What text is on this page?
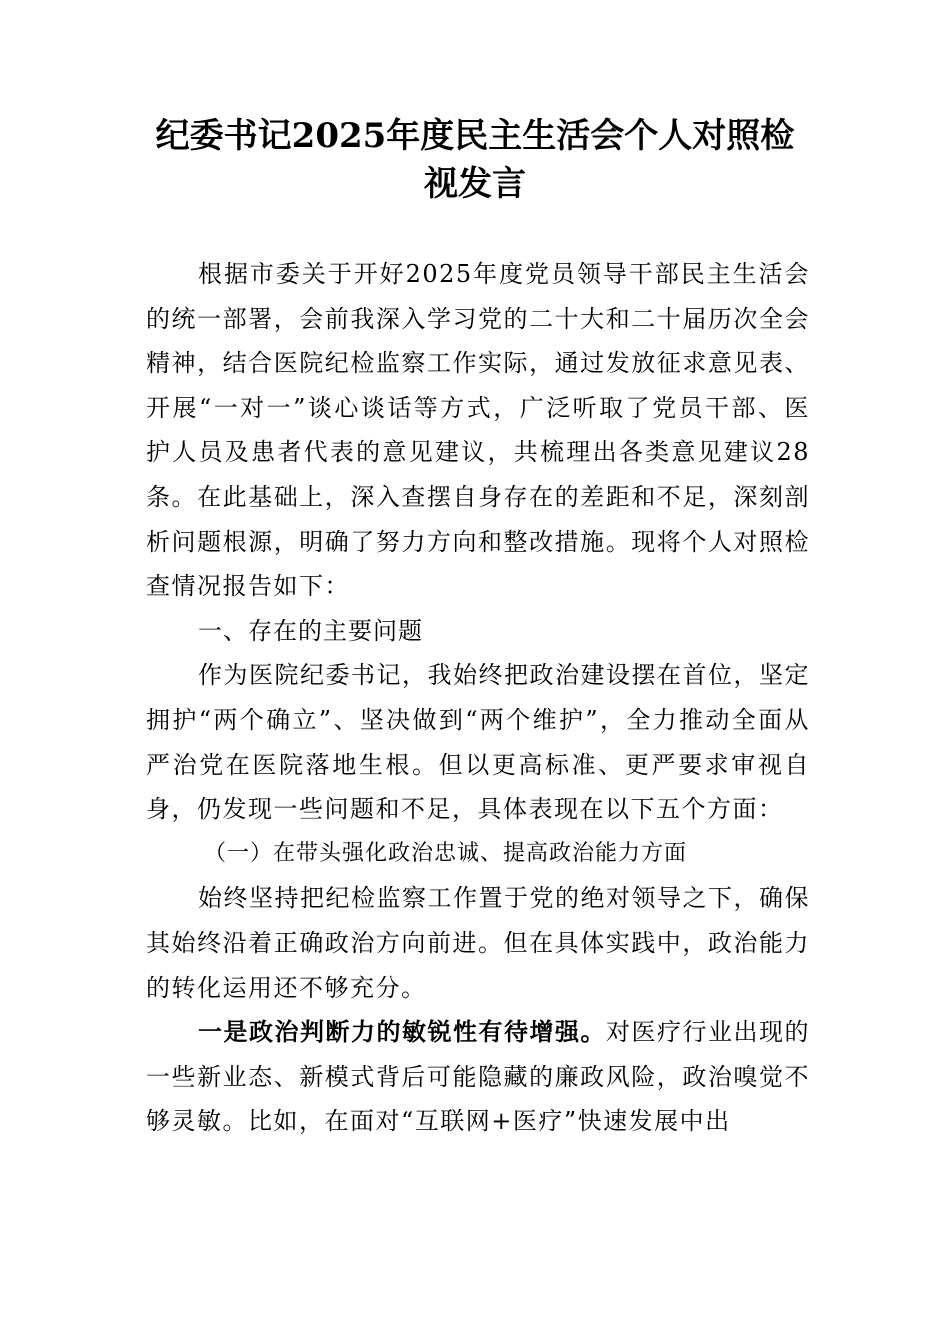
纪委书记2025年度民主生活会个人对照检
视发言

根据市委关于开好2025年度党员领导干部民主生活会的统一部署，会前我深入学习党的二十大和二十届历次全会精神，结合医院纪检监察工作实际，通过发放征求意见表、开展“一对一”谈心谈话等方式，广泛听取了党员干部、医护人员及患者代表的意见建议，共梳理出各类意见建议28条。在此基础上，深入查摆自身存在的差距和不足，深刻剖析问题根源，明确了努力方向和整改措施。现将个人对照检查情况报告如下：

一、存在的主要问题

作为医院纪委书记，我始终把政治建设摆在首位，坚定拥护“两个确立”、坚决做到“两个维护”，全力推动全面从严治党在医院落地生根。但以更高标准、更严要求审视自身，仍发现一些问题和不足，具体表现在以下五个方面：

（一）在带头强化政治忠诚、提高政治能力方面

始终坚持把纪检监察工作置于党的绝对领导之下，确保其始终沿着正确政治方向前进。但在具体实践中，政治能力的转化运用还不够充分。

一是政治判断力的敏锐性有待增强。对医疗行业出现的一些新业态、新模式背后可能隐藏的廉政风险，政治嗅觉不够灵敏。比如，在面对“互联网+医疗”快速发展中出
